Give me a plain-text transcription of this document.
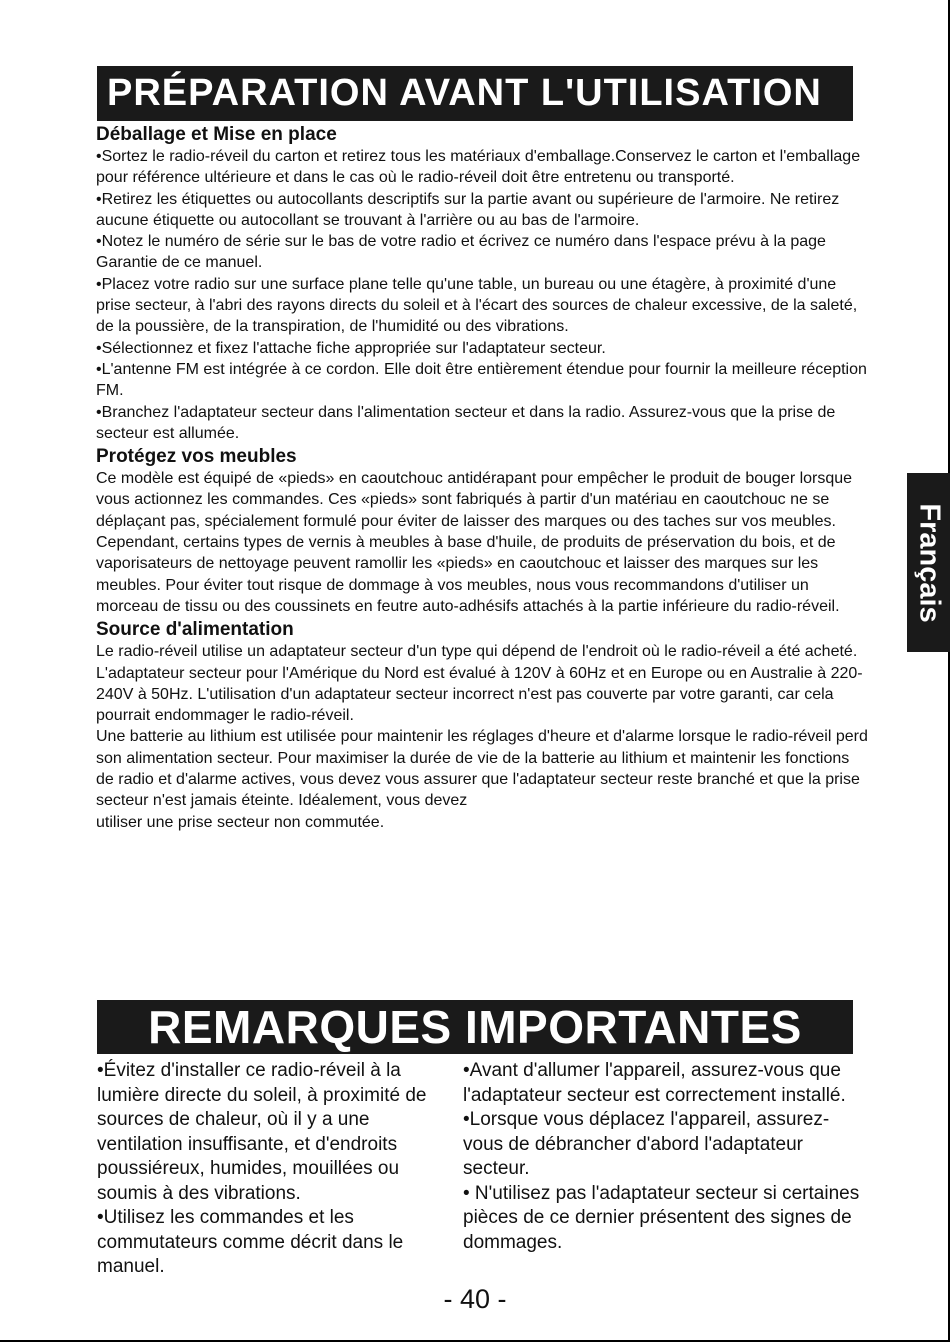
PRÉPARATION AVANT L'UTILISATION

Déballage et Mise en place

•Sortez le radio-réveil du carton et retirez tous les matériaux d'emballage.Conservez le carton et l'emballage pour référence ultérieure et dans le cas où le radio-réveil doit être entretenu ou transporté.

•Retirez les étiquettes ou autocollants descriptifs sur la partie avant ou supérieure de l'armoire. Ne retirez aucune étiquette ou autocollant se trouvant à l'arrière ou au bas de l'armoire.

•Notez le numéro de série sur le bas de votre radio et écrivez ce numéro dans l'espace prévu à la page Garantie de ce manuel.

•Placez votre radio sur une surface plane telle qu'une table, un bureau ou une étagère, à proximité d'une prise secteur, à l'abri des rayons directs du soleil et à l'écart des sources de chaleur excessive, de la saleté, de la poussière, de la transpiration, de l'humidité ou des vibrations.

•Sélectionnez et fixez l'attache fiche appropriée sur l'adaptateur secteur.

•L'antenne FM est intégrée à ce cordon. Elle doit être entièrement étendue pour fournir la meilleure réception FM.

•Branchez l'adaptateur secteur dans l'alimentation secteur et dans la radio. Assurez-vous que la prise de secteur est allumée.

Protégez vos meubles

Ce modèle est équipé de «pieds» en caoutchouc antidérapant pour empêcher le produit de bouger lorsque vous actionnez les commandes. Ces «pieds» sont fabriqués à partir d'un matériau en caoutchouc ne se déplaçant pas, spécialement formulé pour éviter de laisser des marques ou des taches sur vos meubles. Cependant, certains types de vernis à meubles à base d'huile, de produits de préservation du bois, et de vaporisateurs de nettoyage peuvent ramollir les «pieds» en caoutchouc et laisser des marques sur les meubles. Pour éviter tout risque de dommage à vos meubles, nous vous recommandons d'utiliser un morceau de tissu ou des coussinets en feutre auto-adhésifs attachés à la partie inférieure du radio-réveil.

Source d'alimentation

Le radio-réveil utilise un adaptateur secteur d'un type qui dépend de l'endroit où le radio-réveil a été acheté. L'adaptateur secteur pour l'Amérique du Nord est évalué à 120V à 60Hz et en Europe ou en Australie à 220-240V à 50Hz. L'utilisation d'un adaptateur secteur incorrect n'est pas couverte par votre garanti, car cela pourrait endommager le radio-réveil.

Une batterie au lithium est utilisée pour maintenir les réglages d'heure et d'alarme lorsque le radio-réveil perd son alimentation secteur. Pour maximiser la durée de vie de la batterie au lithium et maintenir les fonctions de radio et d'alarme actives, vous devez vous assurer que l'adaptateur secteur reste branché et que la prise secteur n'est jamais éteinte. Idéalement, vous devez

utiliser une prise secteur non commutée.

Français
REMARQUES IMPORTANTES

•Évitez d'installer ce radio-réveil à la lumière directe du soleil, à proximité de sources de chaleur, où il y a une ventilation insuffisante, et d'endroits poussiéreux, humides, mouillées ou soumis à des vibrations.

•Utilisez les commandes et les commutateurs comme décrit dans le manuel.

•Avant d'allumer l'appareil, assurez-vous que l'adaptateur secteur est correctement installé.

•Lorsque vous déplacez l'appareil, assurez-vous de débrancher d'abord l'adaptateur secteur.

• N'utilisez pas l'adaptateur secteur si certaines pièces de ce dernier présentent des signes de dommages.

- 40 -
